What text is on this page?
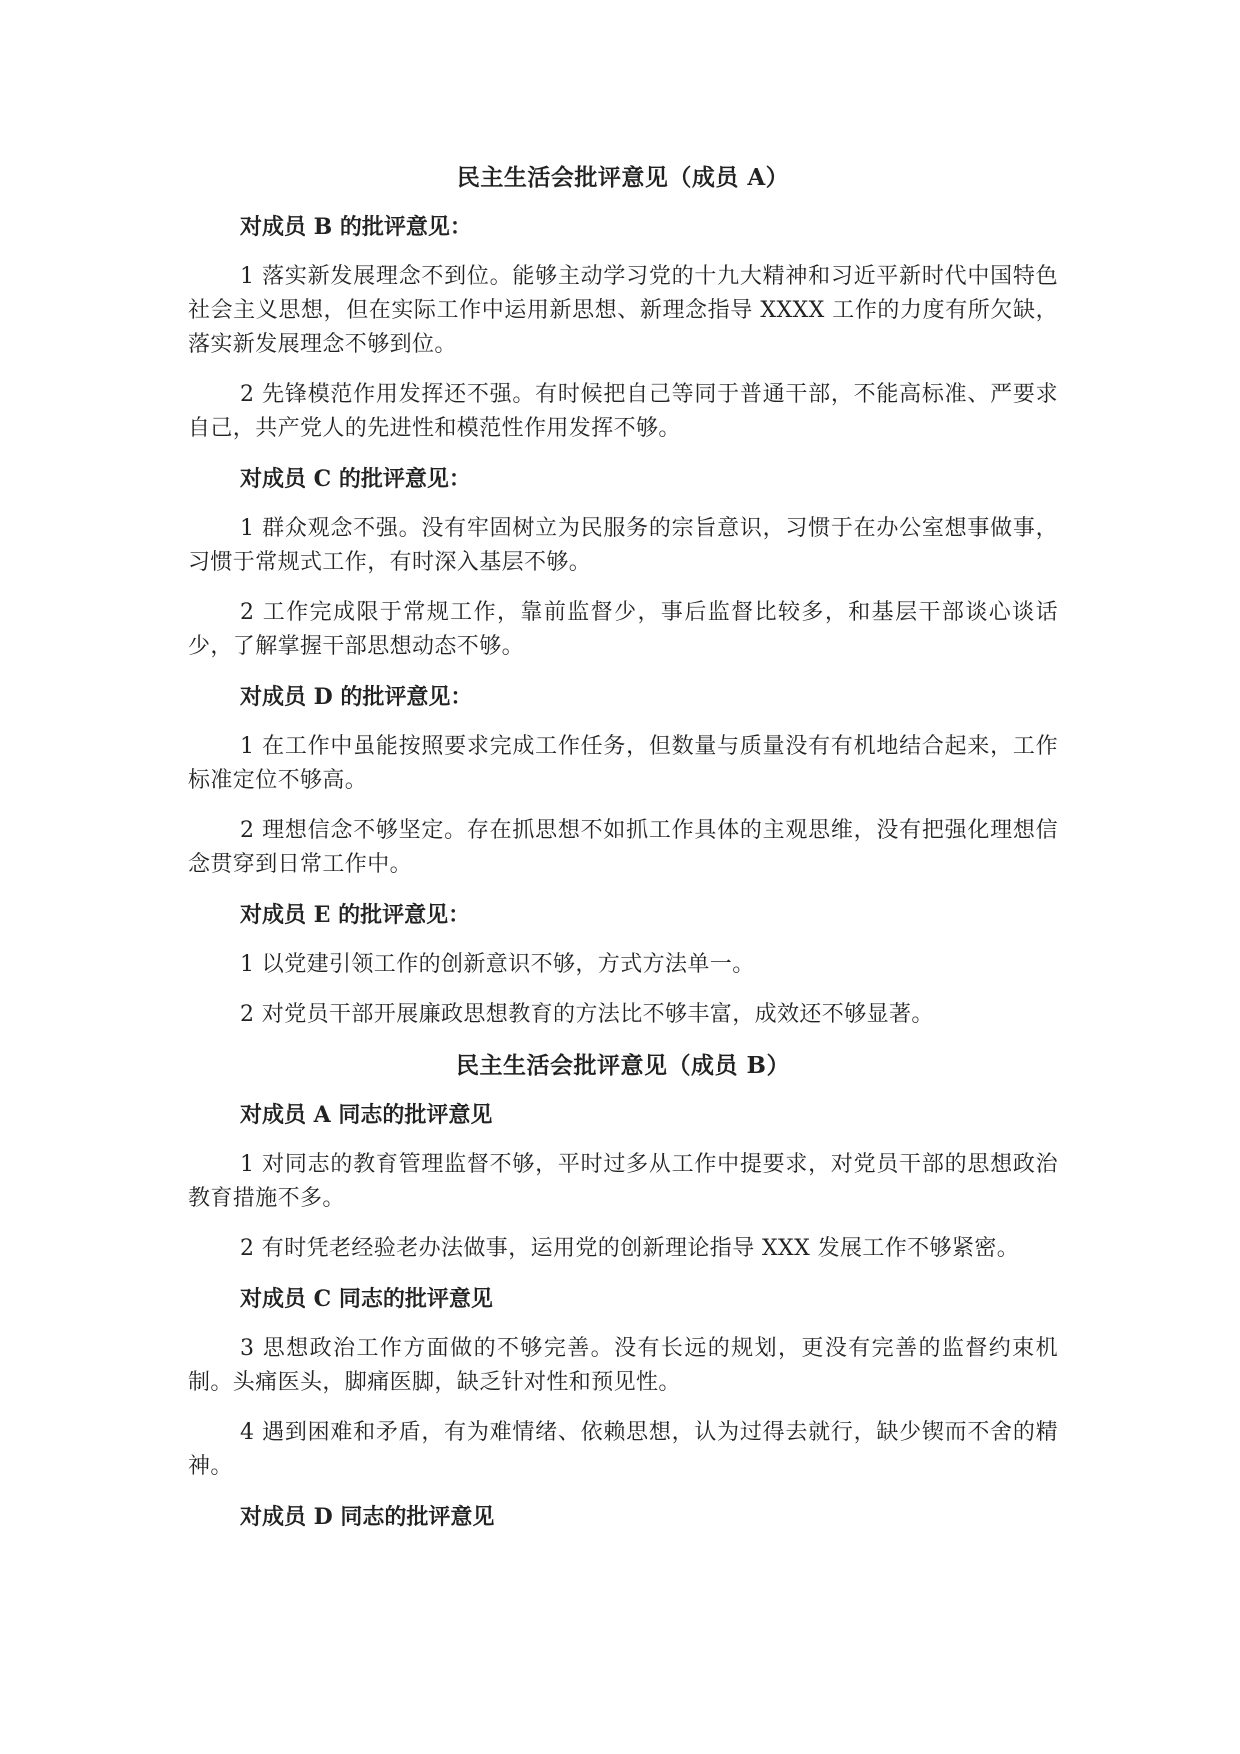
民主生活会批评意见（成员 A）
对成员 B 的批评意见：

1 落实新发展理念不到位。能够主动学习党的十九大精神和习近平新时代中国特色社会主义思想，但在实际工作中运用新思想、新理念指导 XXXX 工作的力度有所欠缺，落实新发展理念不够到位。

2 先锋模范作用发挥还不强。有时候把自己等同于普通干部，不能高标准、严要求自己，共产党人的先进性和模范性作用发挥不够。

对成员 C 的批评意见：

1 群众观念不强。没有牢固树立为民服务的宗旨意识，习惯于在办公室想事做事，习惯于常规式工作，有时深入基层不够。

2 工作完成限于常规工作，靠前监督少，事后监督比较多，和基层干部谈心谈话少，了解掌握干部思想动态不够。

对成员 D 的批评意见：

1 在工作中虽能按照要求完成工作任务，但数量与质量没有有机地结合起来，工作标准定位不够高。

2 理想信念不够坚定。存在抓思想不如抓工作具体的主观思维，没有把强化理想信念贯穿到日常工作中。

对成员 E 的批评意见：

1 以党建引领工作的创新意识不够，方式方法单一。

2 对党员干部开展廉政思想教育的方法比不够丰富，成效还不够显著。

民主生活会批评意见（成员 B）
对成员 A 同志的批评意见

1 对同志的教育管理监督不够，平时过多从工作中提要求，对党员干部的思想政治教育措施不多。

2 有时凭老经验老办法做事，运用党的创新理论指导 XXX 发展工作不够紧密。

对成员 C 同志的批评意见

3 思想政治工作方面做的不够完善。没有长远的规划，更没有完善的监督约束机制。头痛医头，脚痛医脚，缺乏针对性和预见性。

4 遇到困难和矛盾，有为难情绪、依赖思想，认为过得去就行，缺少锲而不舍的精神。

对成员 D 同志的批评意见
